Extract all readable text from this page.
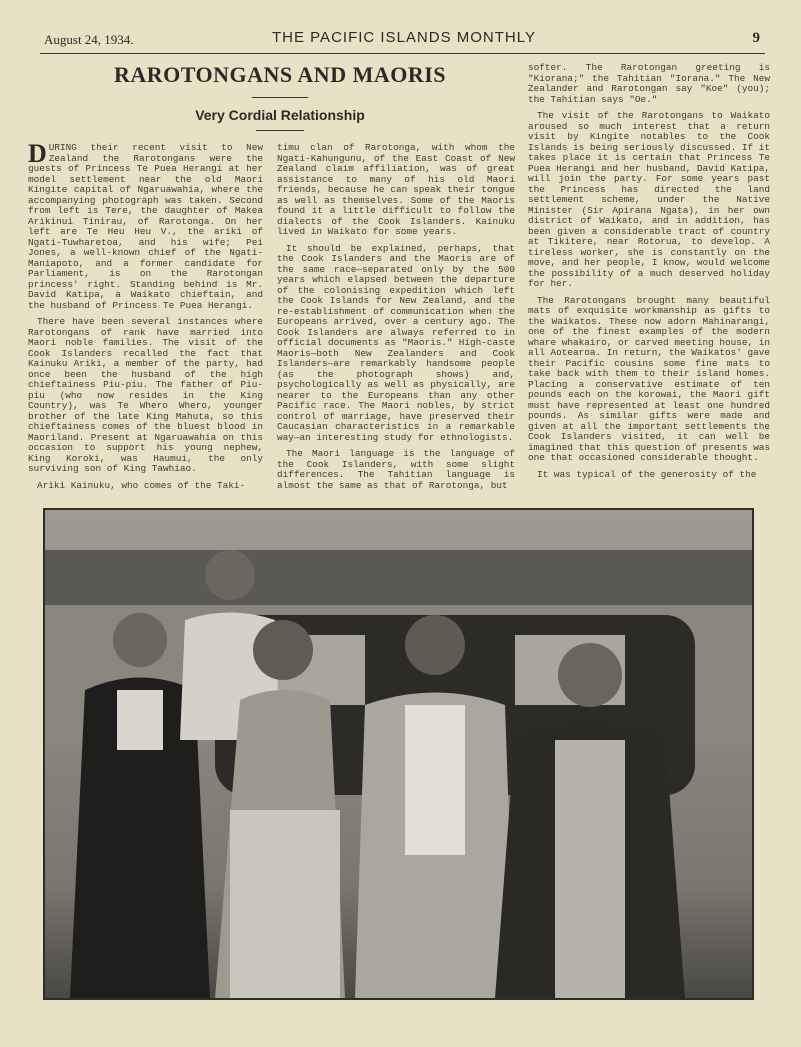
August 24, 1934.	THE PACIFIC ISLANDS MONTHLY	9
RAROTONGANS AND MAORIS
Very Cordial Relationship

DURING their recent visit to New Zealand the Rarotongans were the guests of Princess Te Puea Herangi at her model settlement near the old Maori Kingite capital of Ngaruawahia, where the accompanying photograph was taken. Second from left is Tere, the daughter of Makea Arikinui Tinirau, of Rarotonga. On her left are Te Heu Heu V., the ariki of Ngati-Tuwharetoa, and his wife; Pei Jones, a well-known chief of the Ngati-Maniapoto, and a former candidate for Parliament, is on the Rarotongan princess' right. Standing behind is Mr. David Katipa, a Waikato chieftain, and the husband of Princess Te Puea Herangi.

There have been several instances where Rarotongans of rank have married into Maori noble families. The visit of the Cook Islanders recalled the fact that Kainuku Ariki, a member of the party, had once been the husband of the high chieftainess Piu-piu. The father of Piu-piu (who now resides in the King Country), was Te Whero Whero, younger brother of the late King Mahuta, so this chieftainess comes of the bluest blood in Maoriland. Present at Ngaruawahia on this occasion to support his young nephew, King Koroki, was Haumui, the only surviving son of King Tawhiao.

Ariki Kainuku, who comes of the Taki-

timu clan of Rarotonga, with whom the Ngati-Kahungunu, of the East Coast of New Zealand claim affiliation, was of great assistance to many of his old Maori friends, because he can speak their tongue as well as themselves. Some of the Maoris found it a little difficult to follow the dialects of the Cook Islanders. Kainuku lived in Waikato for some years.

It should be explained, perhaps, that the Cook Islanders and the Maoris are of the same race—separated only by the 500 years which elapsed between the departure of the colonising expedition which left the Cook Islands for New Zealand, and the re-establishment of communication when the Europeans arrived, over a century ago. The Cook Islanders are always referred to in official documents as "Maoris." High-caste Maoris—both New Zealanders and Cook Islanders—are remarkably handsome people (as the photograph shows) and, psychologically as well as physically, are nearer to the Europeans than any other Pacific race. The Maori nobles, by strict control of marriage, have preserved their Caucasian characteristics in a remarkable way—an interesting study for ethnologists.

The Maori language is the language of the Cook Islanders, with some slight differences. The Tahitian language is almost the same as that of Rarotonga, but

softer. The Rarotongan greeting is "Kiorana;" the Tahitian "Iorana." The New Zealander and Rarotongan say "Koe" (you); the Tahitian says "Oe."

The visit of the Rarotongans to Waikato aroused so much interest that a return visit by Kingite notables to the Cook Islands is being seriously discussed. If it takes place it is certain that Princess Te Puea Herangi and her husband, David Katipa, will join the party. For some years past the Princess has directed the land settlement scheme, under the Native Minister (Sir Apirana Ngata), in her own district of Waikato, and in addition, has been given a considerable tract of country at Tikitere, near Rotorua, to develop. A tireless worker, she is constantly on the move, and her people, I know, would welcome the possibility of a much deserved holiday for her.

The Rarotongans brought many beautiful mats of exquisite workmanship as gifts to the Waikatos. These now adorn Mahinarangi, one of the finest examples of the modern whare whakairo, or carved meeting house, in all Aotearoa. In return, the Waikatos' gave their Pacific cousins some fine mats to take back with them to their island homes. Placing a conservative estimate of ten pounds each on the korowai, the Maori gift must have represented at least one hundred pounds. As similar gifts were made and given at all the important settlements the Cook Islanders visited, it can well be imagined that this question of presents was one that occasioned considerable thought.

It was typical of the generosity of the
